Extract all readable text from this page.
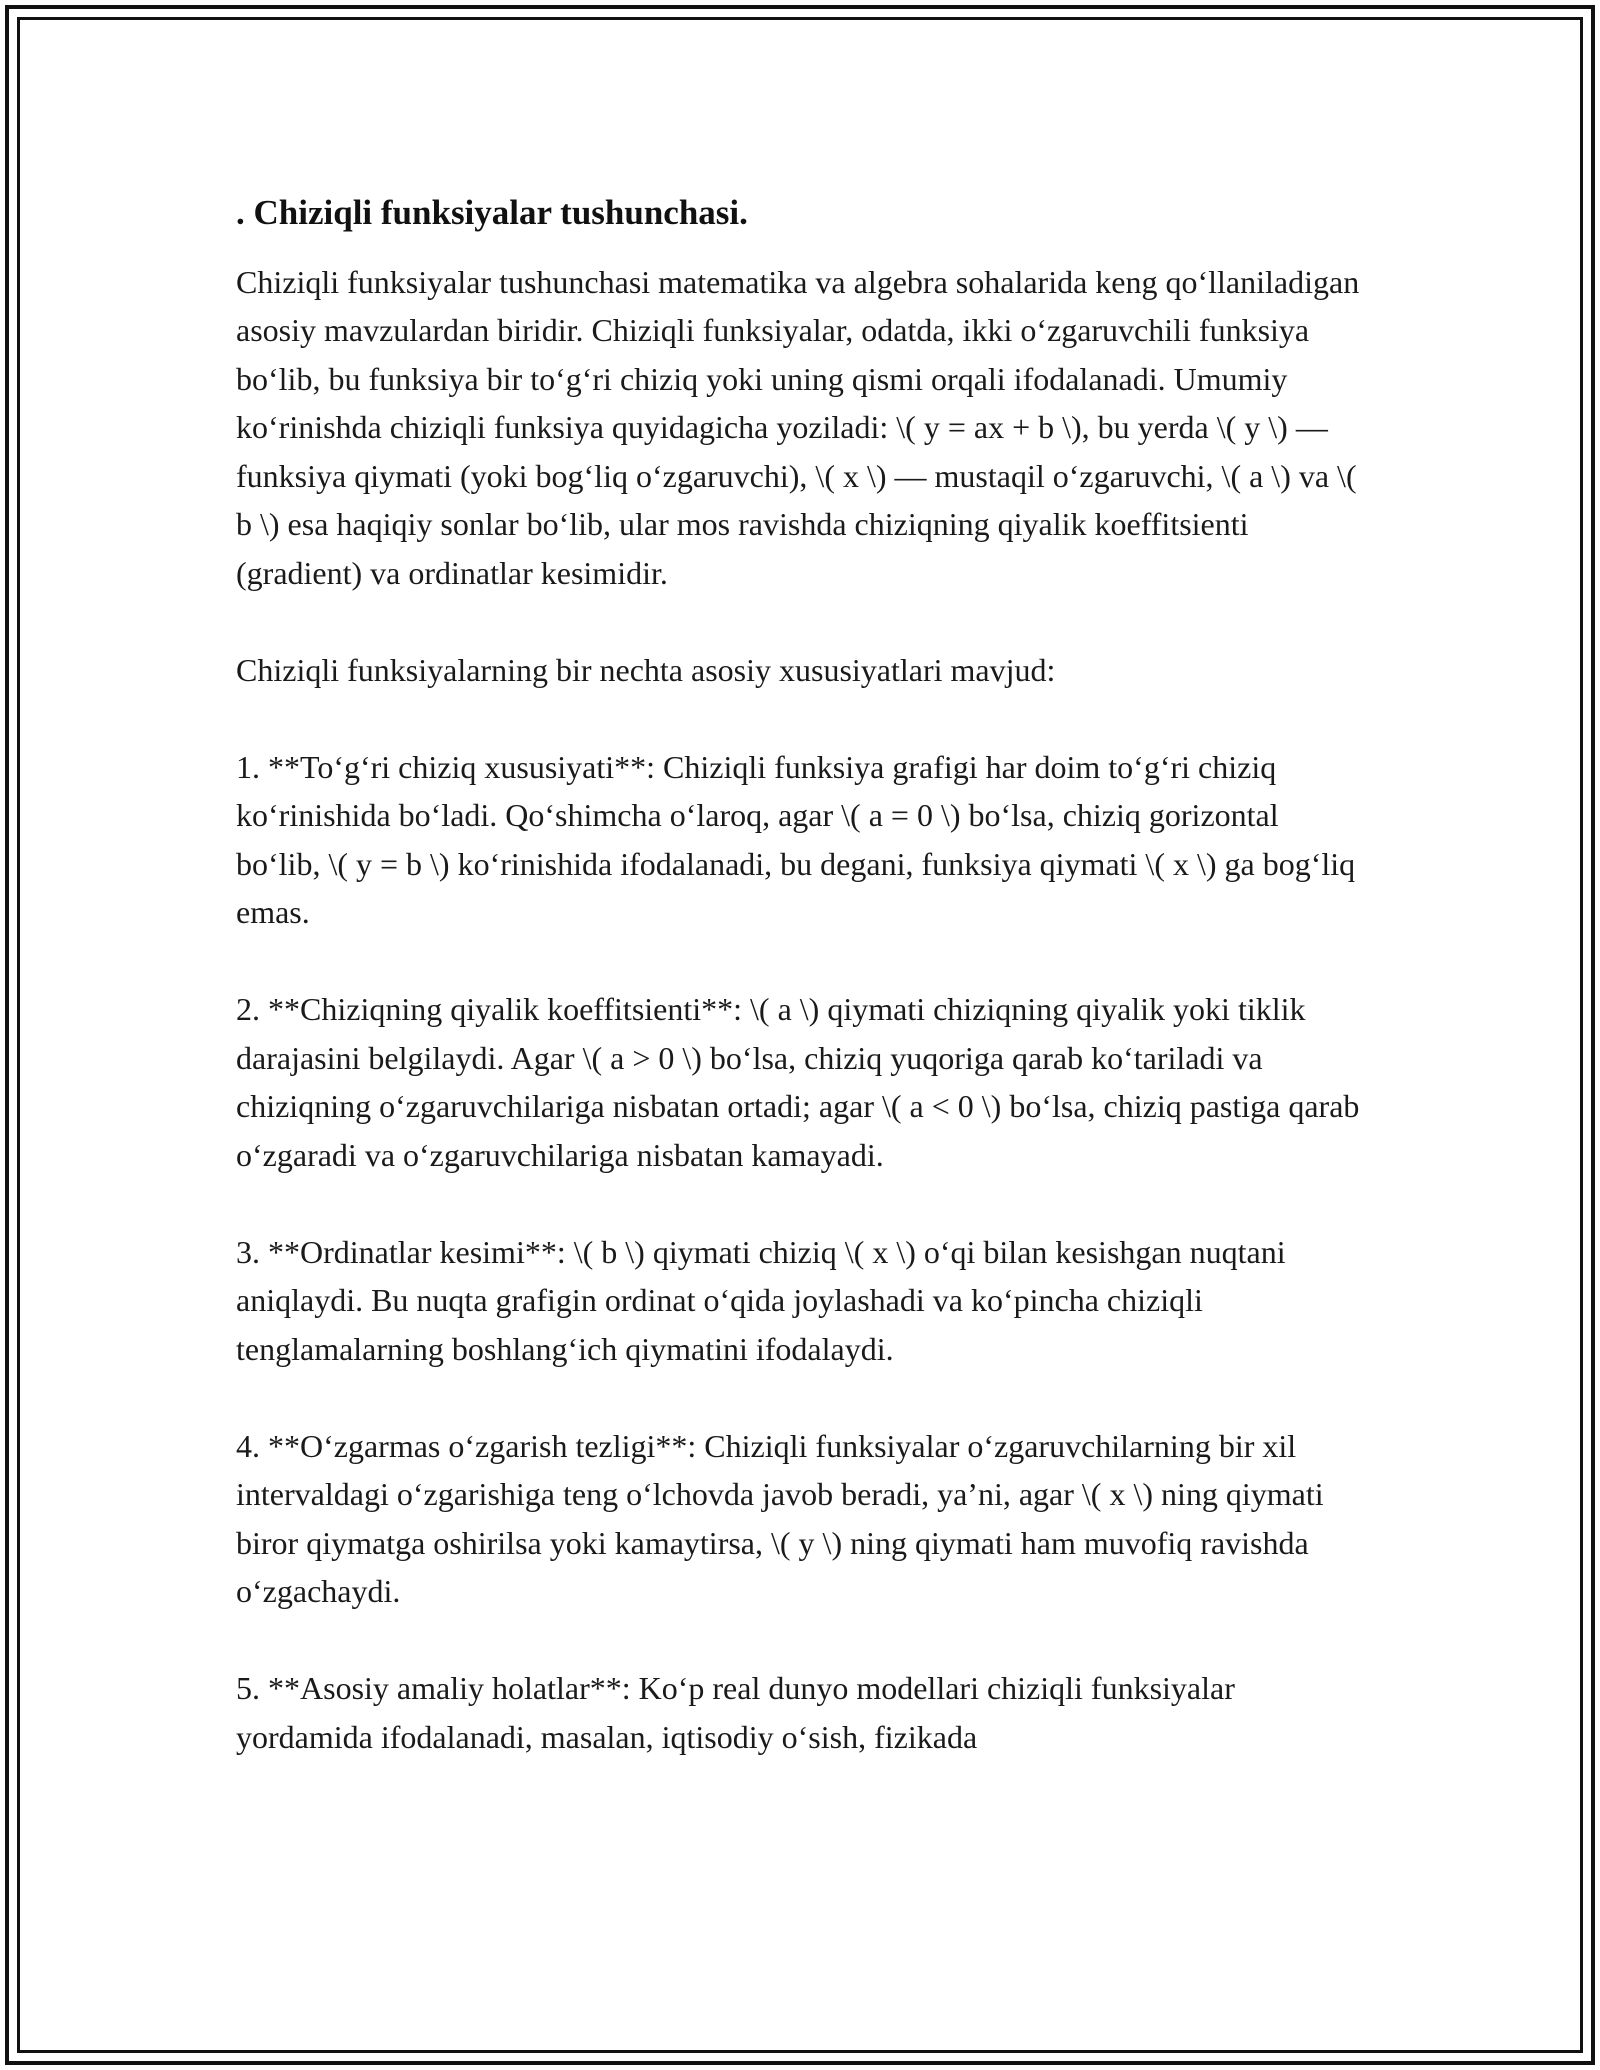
. Chiziqli funksiyalar tushunchasi.

Chiziqli funksiyalar tushunchasi matematika va algebra sohalarida keng qo‘llaniladigan asosiy mavzulardan biridir. Chiziqli funksiyalar, odatda, ikki o‘zgaruvchili funksiya bo‘lib, bu funksiya bir to‘g‘ri chiziq yoki uning qismi orqali ifodalanadi. Umumiy ko‘rinishda chiziqli funksiya quyidagicha yoziladi: \( y = ax + b \), bu yerda \( y \) — funksiya qiymati (yoki bog‘liq o‘zgaruvchi), \( x \) — mustaqil o‘zgaruvchi, \( a \) va \( b \) esa haqiqiy sonlar bo‘lib, ular mos ravishda chiziqning qiyalik koeffitsienti (gradient) va ordinatlar kesimidir.

Chiziqli funksiyalarning bir nechta asosiy xususiyatlari mavjud:

1. **To‘g‘ri chiziq xususiyati**: Chiziqli funksiya grafigi har doim to‘g‘ri chiziq ko‘rinishida bo‘ladi. Qo‘shimcha o‘laroq, agar \( a = 0 \) bo‘lsa, chiziq gorizontal bo‘lib, \( y = b \) ko‘rinishida ifodalanadi, bu degani, funksiya qiymati \( x \) ga bog‘liq emas.

2. **Chiziqning qiyalik koeffitsienti**: \( a \) qiymati chiziqning qiyalik yoki tiklik darajasini belgilaydi. Agar \( a > 0 \) bo‘lsa, chiziq yuqoriga qarab ko‘tariladi va chiziqning o‘zgaruvchilariga nisbatan ortadi; agar \( a < 0 \) bo‘lsa, chiziq pastiga qarab o‘zgaradi va o‘zgaruvchilariga nisbatan kamayadi.

3. **Ordinatlar kesimi**: \( b \) qiymati chiziq \( x \) o‘qi bilan kesishgan nuqtani aniqlaydi. Bu nuqta grafigin ordinat o‘qida joylashadi va ko‘pincha chiziqli tenglamalarning boshlang‘ich qiymatini ifodalaydi.

4. **O‘zgarmas o‘zgarish tezligi**: Chiziqli funksiyalar o‘zgaruvchilarning bir xil intervaldagi o‘zgarishiga teng o‘lchovda javob beradi, ya’ni, agar \( x \) ning qiymati biror qiymatga oshirilsa yoki kamaytirsa, \( y \) ning qiymati ham muvofiq ravishda o‘zgachaydi.

5. **Asosiy amaliy holatlar**: Ko‘p real dunyo modellari chiziqli funksiyalar yordamida ifodalanadi, masalan, iqtisodiy o‘sish, fizikada
